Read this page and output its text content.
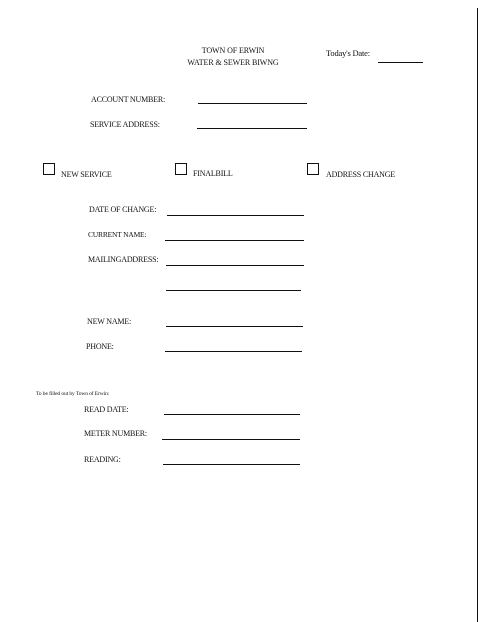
TOWN OF ERWIN
WATER & SEWER BIWNG
Today's Date:
ACCOUNT NUMBER:
SERVICE ADDRESS:
NEW SERVICE	FINALBILL	ADDRESS CHANGE
DATE OF CHANGE:
CURRENT NAME:
MAILINGADDRESS:
NEW NAME:
PHONE:
To be filled out by Town of Erwin:
READ DATE:
METER NUMBER:
READING:
